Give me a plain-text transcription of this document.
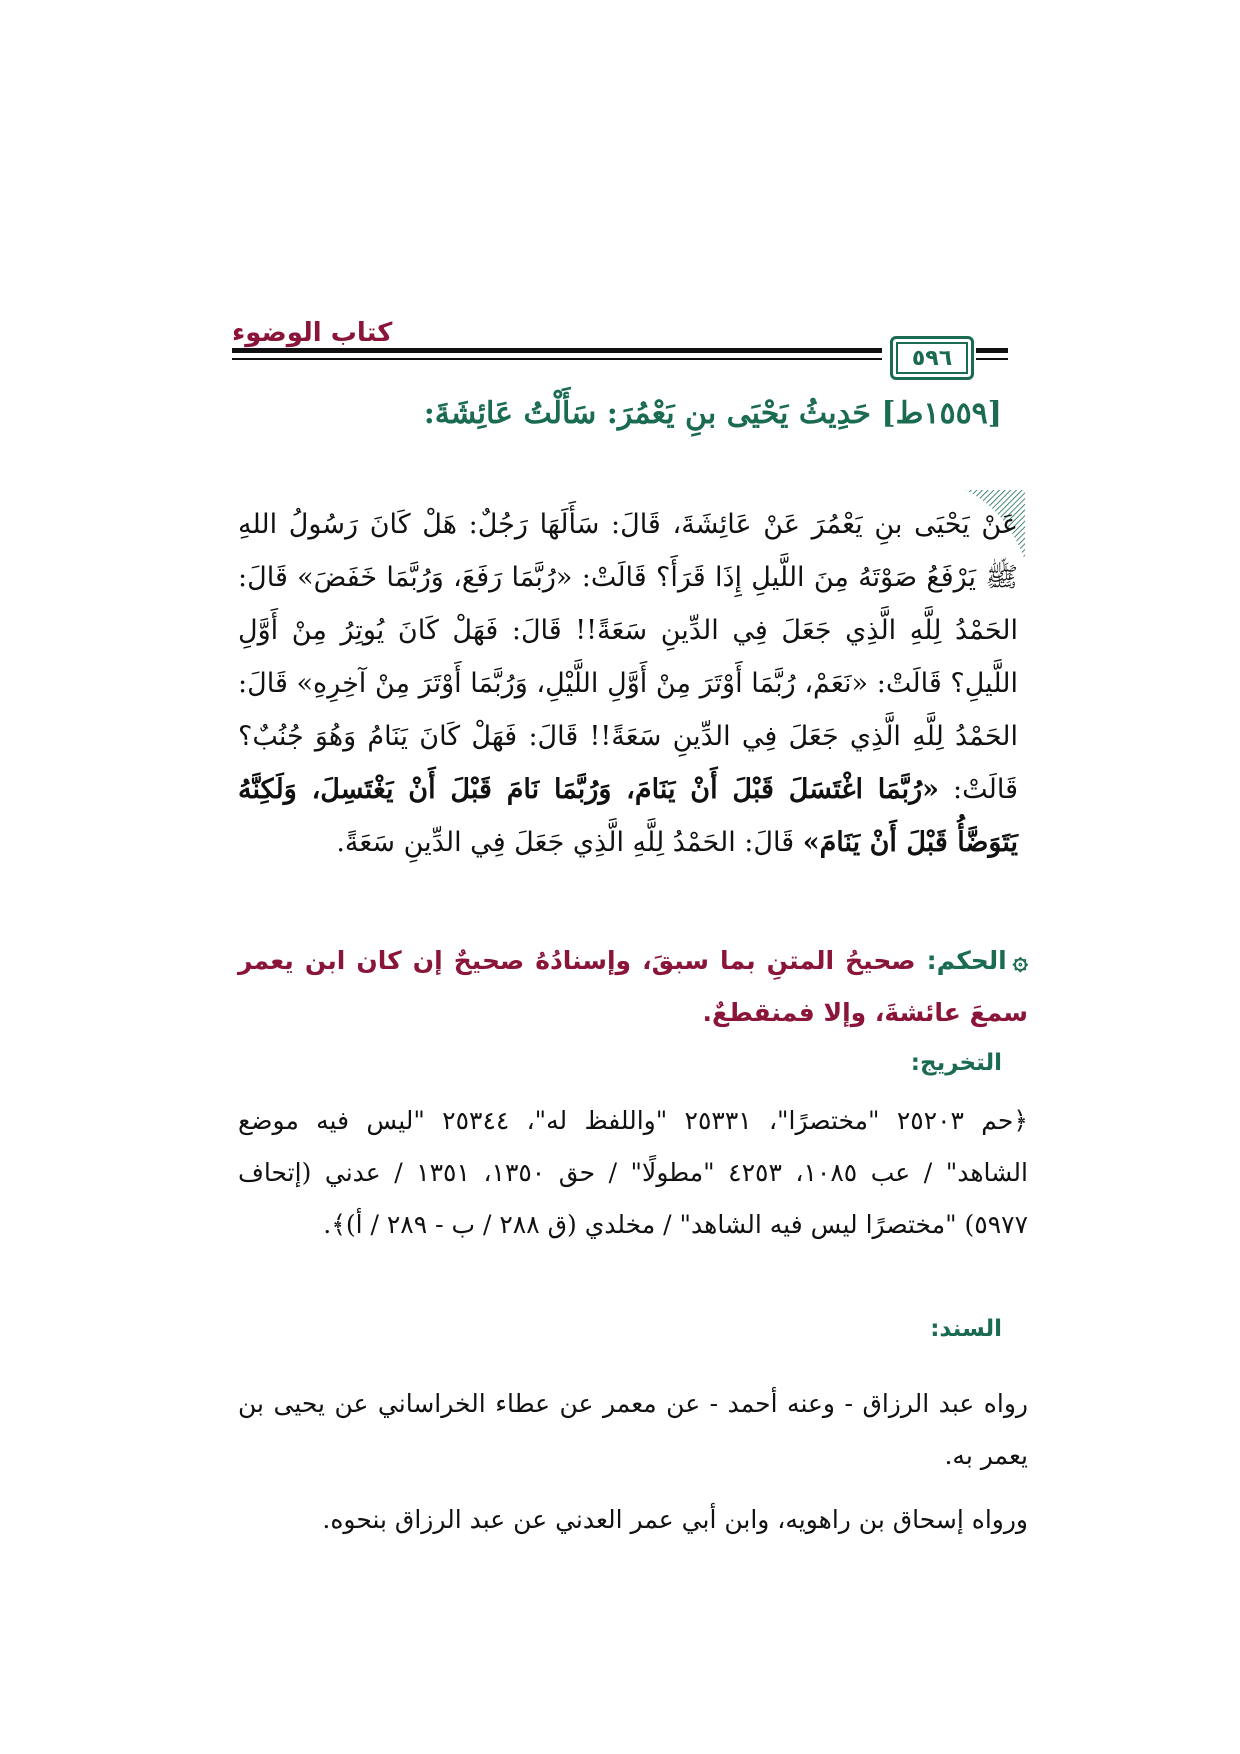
كتاب الوضوء
٥٩٦
[١٥٥٩ط] حَدِيثُ يَحْيَى بنِ يَعْمُرَ: سَأَلْتُ عَائِشَةَ:
عَنْ يَحْيَى بنِ يَعْمُرَ عَنْ عَائِشَةَ، قَالَ: سَأَلَهَا رَجُلٌ: هَلْ كَانَ رَسُولُ اللهِ ﷺ يَرْفَعُ صَوْتَهُ مِنَ اللَّيلِ إِذَا قَرَأَ؟ قَالَتْ: «رُبَّمَا رَفَعَ، وَرُبَّمَا خَفَضَ» قَالَ: الحَمْدُ لِلَّهِ الَّذِي جَعَلَ فِي الدِّينِ سَعَةً!! قَالَ: فَهَلْ كَانَ يُوتِرُ مِنْ أَوَّلِ اللَّيلِ؟ قَالَتْ: «نَعَمْ، رُبَّمَا أَوْتَرَ مِنْ أَوَّلِ اللَّيْلِ، وَرُبَّمَا أَوْتَرَ مِنْ آخِرِهِ» قَالَ: الحَمْدُ لِلَّهِ الَّذِي جَعَلَ فِي الدِّينِ سَعَةً!! قَالَ: فَهَلْ كَانَ يَنَامُ وَهُوَ جُنُبٌ؟ قَالَتْ: «رُبَّمَا اغْتَسَلَ قَبْلَ أَنْ يَنَامَ، وَرُبَّمَا نَامَ قَبْلَ أَنْ يَغْتَسِلَ، وَلَكِنَّهُ يَتَوَضَّأُ قَبْلَ أَنْ يَنَامَ» قَالَ: الحَمْدُ لِلَّهِ الَّذِي جَعَلَ فِي الدِّينِ سَعَةً.
۞الحكم: صحيحُ المتنِ بما سبقَ، وإسنادُهُ صحيحٌ إن كان ابن يعمر سمعَ عائشةَ، وإلا فمنقطعٌ.
التخريج:
﴿حم ٢٥٢٠٣ "مختصرًا"، ٢٥٣٣١ "واللفظ له"، ٢٥٣٤٤ "ليس فيه موضع الشاهد" / عب ١٠٨٥، ٤٢٥٣ "مطولًا" / حق ١٣٥٠، ١٣٥١ / عدني (إتحاف ٥٩٧٧) "مختصرًا ليس فيه الشاهد" / مخلدي (ق ٢٨٨ / ب - ٢٨٩ / أ)﴾.
السند:
رواه عبد الرزاق - وعنه أحمد - عن معمر عن عطاء الخراساني عن يحيى بن يعمر به.
ورواه إسحاق بن راهويه، وابن أبي عمر العدني عن عبد الرزاق بنحوه.
